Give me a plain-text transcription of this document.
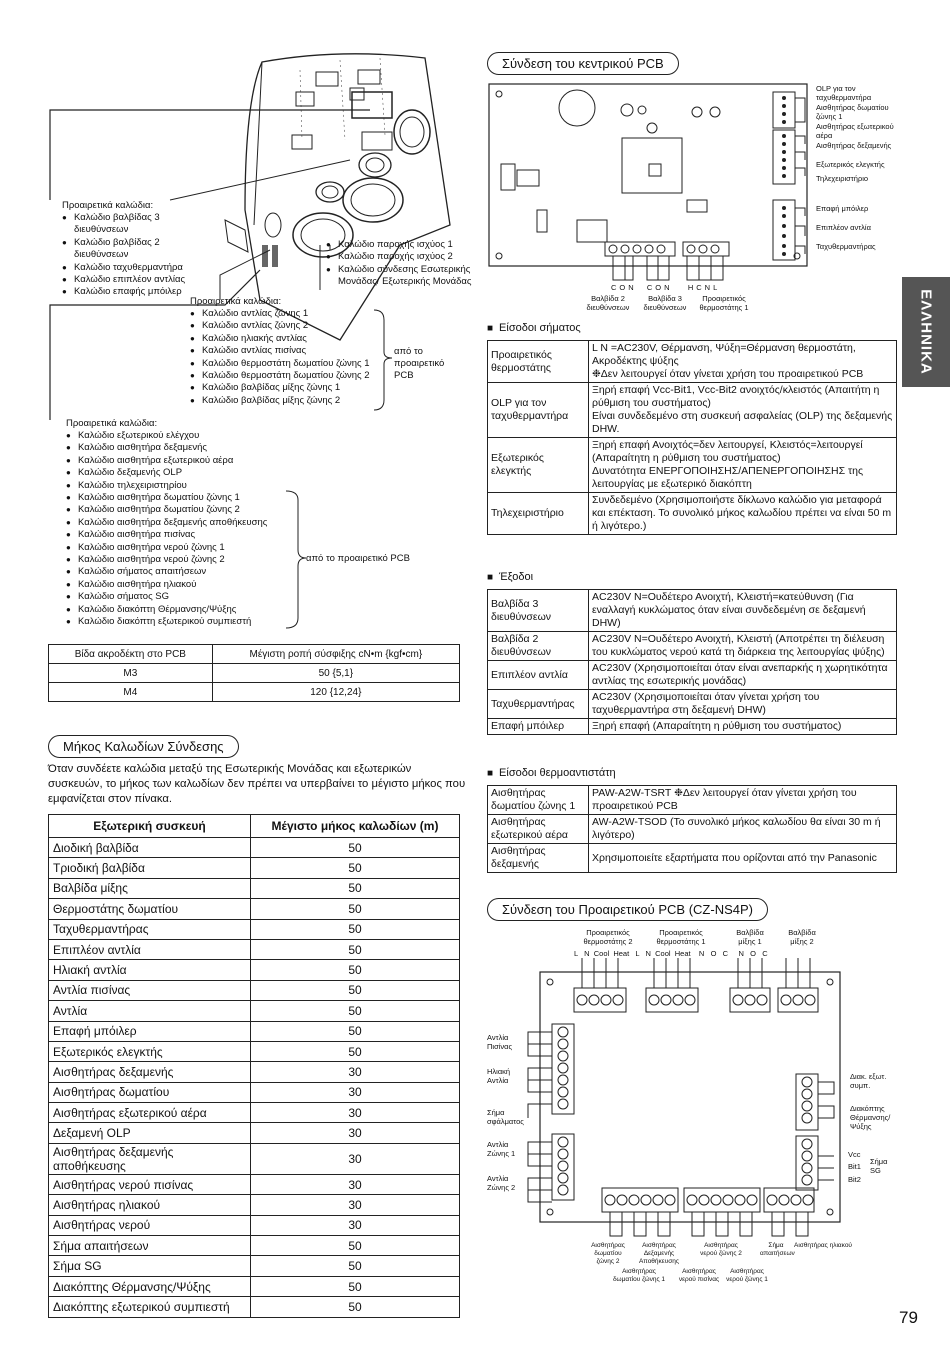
ΕΛΛΗΝΙΚΑ
Προαιρετικά καλώδια:
● Καλώδιο βαλβίδας 3 διευθύνσεων
● Καλώδιο βαλβίδας 2 διευθύνσεων
● Καλώδιο ταχυθερμαντήρα
● Καλώδιο επιπλέον αντλίας
● Καλώδιο επαφής μπόιλερ
● Καλώδιο παροχής ισχύος 1
● Καλώδιο παροχής ισχύος 2
● Καλώδιο σύνδεσης Εσωτερικής Μονάδας/ Εξωτερικής Μονάδας
Προαιρετικά καλώδια:
● Καλώδιο αντλίας ζώνης 1
● Καλώδιο αντλίας ζώνης 2
● Καλώδιο ηλιακής αντλίας
● Καλώδιο αντλίας πισίνας
● Καλώδιο θερμοστάτη δωματίου ζώνης 1
● Καλώδιο θερμοστάτη δωματίου ζώνης 2
● Καλώδιο βαλβίδας μίξης ζώνης 1
● Καλώδιο βαλβίδας μίξης ζώνης 2
από το προαιρετικό PCB
Προαιρετικά καλώδια:
● Καλώδιο εξωτερικού ελέγχου
● Καλώδιο αισθητήρα δεξαμενής
● Καλώδιο αισθητήρα εξωτερικού αέρα
● Καλώδιο δεξαμενής OLP
● Καλώδιο τηλεχειριστηρίου
● Καλώδιο αισθητήρα δωματίου ζώνης 1
● Καλώδιο αισθητήρα δωματίου ζώνης 2
● Καλώδιο αισθητήρα δεξαμενής αποθήκευσης
● Καλώδιο αισθητήρα πισίνας
● Καλώδιο αισθητήρα νερού ζώνης 1
● Καλώδιο αισθητήρα νερού ζώνης 2
● Καλώδιο σήματος απαιτήσεων
● Καλώδιο αισθητήρα ηλιακού
● Καλώδιο σήματος SG
● Καλώδιο διακόπτη Θέρμανσης/Ψύξης
● Καλώδιο διακόπτη εξωτερικού συμπιεστή
από το προαιρετικό PCB
Βίδα ακροδέκτη στο PCB	Μέγιστη ροπή σύσφιξης cN•m {kgf•cm}
M3	50 {5,1}
M4	120 {12,24}
Μήκος Καλωδίων Σύνδεσης
Όταν συνδέετε καλώδια μεταξύ της Εσωτερικής Μονάδας και εξωτερικών συσκευών, το μήκος των καλωδίων δεν πρέπει να υπερβαίνει το μέγιστο μήκος που εμφανίζεται στον πίνακα.
Εξωτερική συσκευή	Μέγιστο μήκος καλωδίων (m)
Διοδική βαλβίδα	50
Τριοδική βαλβίδα	50
Βαλβίδα μίξης	50
Θερμοστάτης δωματίου	50
Ταχυθερμαντήρας	50
Επιπλέον αντλία	50
Ηλιακή αντλία	50
Αντλία πισίνας	50
Αντλία	50
Επαφή μπόιλερ	50
Εξωτερικός ελεγκτής	50
Αισθητήρας δεξαμενής	30
Αισθητήρας δωματίου	30
Αισθητήρας εξωτερικού αέρα	30
Δεξαμενή OLP	30
Αισθητήρας δεξαμενής αποθήκευσης	30
Αισθητήρας νερού πισίνας	30
Αισθητήρας ηλιακού	30
Αισθητήρας νερού	30
Σήμα απαιτήσεων	50
Σήμα SG	50
Διακόπτης Θέρμανσης/Ψύξης	50
Διακόπτης εξωτερικού συμπιεστή	50
Σύνδεση του κεντρικού PCB
OLP για τον ταχυθερμαντήρα
Αισθητήρας δωματίου ζώνης 1
Αισθητήρας εξωτερικού αέρα
Αισθητήρας δεξαμενής
Εξωτερικός ελεγκτής
Τηλεχειριστήριο
Επαφή μπόιλερ
Επιπλέον αντλία
Ταχυθερμαντήρας
CON CON HCNL
Βαλβίδα 2 διευθύνσεων
Βαλβίδα 3 διευθύνσεων
Προαιρετικός θερμοστάτης 1
■ Είσοδοι σήματος
Προαιρετικός θερμοστάτης	L N =AC230V, Θέρμανση, Ψύξη=Θέρμανση θερμοστάτη, Ακροδέκτης ψύξης
❉Δεν λειτουργεί όταν γίνεται χρήση του προαιρετικού PCB
OLP για τον ταχυθερμαντήρα	Ξηρή επαφή Vcc-Bit1, Vcc-Bit2 ανοιχτός/κλειστός (Απαιτήτη η ρύθμιση του συστήματος)
Είναι συνδεδεμένο στη συσκευή ασφαλείας (OLP) της δεξαμενής DHW.
Εξωτερικός ελεγκτής	Ξηρή επαφή Ανοιχτός=δεν λειτουργεί, Κλειστός=λειτουργεί (Απαραίτητη η ρύθμιση του συστήματος)
Δυνατότητα ΕΝΕΡΓΟΠΟΙΗΣΗΣ/ΑΠΕΝΕΡΓΟΠΟΙΗΣΗΣ της λειτουργίας με εξωτερικό διακόπτη
Τηλεχειριστήριο	Συνδεδεμένο (Χρησιμοποιήστε δίκλωνο καλώδιο για μεταφορά και επέκταση. Το συνολικό μήκος καλωδίου πρέπει να είναι 50 m ή λιγότερο.)
■ Έξοδοι
Βαλβίδα 3 διευθύνσεων	AC230V N=Ουδέτερο Ανοιχτή, Κλειστή=κατεύθυνση (Για εναλλαγή κυκλώματος όταν είναι συνδεδεμένη σε δεξαμενή DHW)
Βαλβίδα 2 διευθύνσεων	AC230V N=Ουδέτερο Ανοιχτή, Κλειστή (Αποτρέπει τη διέλευση του κυκλώματος νερού κατά τη διάρκεια της λειτουργίας ψύξης)
Επιπλέον αντλία	AC230V (Χρησιμοποιείται όταν είναι ανεπαρκής η χωρητικότητα αντλίας της εσωτερικής μονάδας)
Ταχυθερμαντήρας	AC230V (Χρησιμοποιείται όταν γίνεται χρήση του ταχυθερμαντήρα στη δεξαμενή DHW)
Επαφή μπόιλερ	Ξηρή επαφή (Απαραίτητη η ρύθμιση του συστήματος)
■ Είσοδοι θερμοαντιστάτη
Αισθητήρας δωματίου ζώνης 1	PAW-A2W-TSRT ❉Δεν λειτουργεί όταν γίνεται χρήση του προαιρετικού PCB
Αισθητήρας εξωτερικού αέρα	AW-A2W-TSOD (Το συνολικό μήκος καλωδίου θα είναι 30 m ή λιγότερο)
Αισθητήρας δεξαμενής	Χρησιμοποιείτε εξαρτήματα που ορίζονται από την Panasonic
Σύνδεση του Προαιρετικού PCB (CZ-NS4P)
Προαιρετικός θερμοστάτης 2
Προαιρετικός θερμοστάτης 1
Βαλβίδα μίξης 1
Βαλβίδα μίξης 2
L   N  Cool  Heat   L   N  Cool  Heat    N   O   C     N   O   C
Αντλία Πισίνας
Ηλιακή Αντλία
Σήμα σφάλματος
Αντλία Ζώνης 1
Αντλία Ζώνης 2
Διακ. εξωτ. συμπ.
Διακόπτης Θέρμανσης/ Ψύξης
Vcc
Bit1
Bit2
Σήμα SG
Αισθητήρας δωματίου ζώνης 2
Αισθητήρας δωματίου ζώνης 1
Αισθητήρας Δεξαμενής Αποθήκευσης
Αισθητήρας νερού πισίνας
Αισθητήρας νερού ζώνης 2
Αισθητήρας νερού ζώνης 1
Σήμα απαιτήσεων
Αισθητήρας ηλιακού
79
